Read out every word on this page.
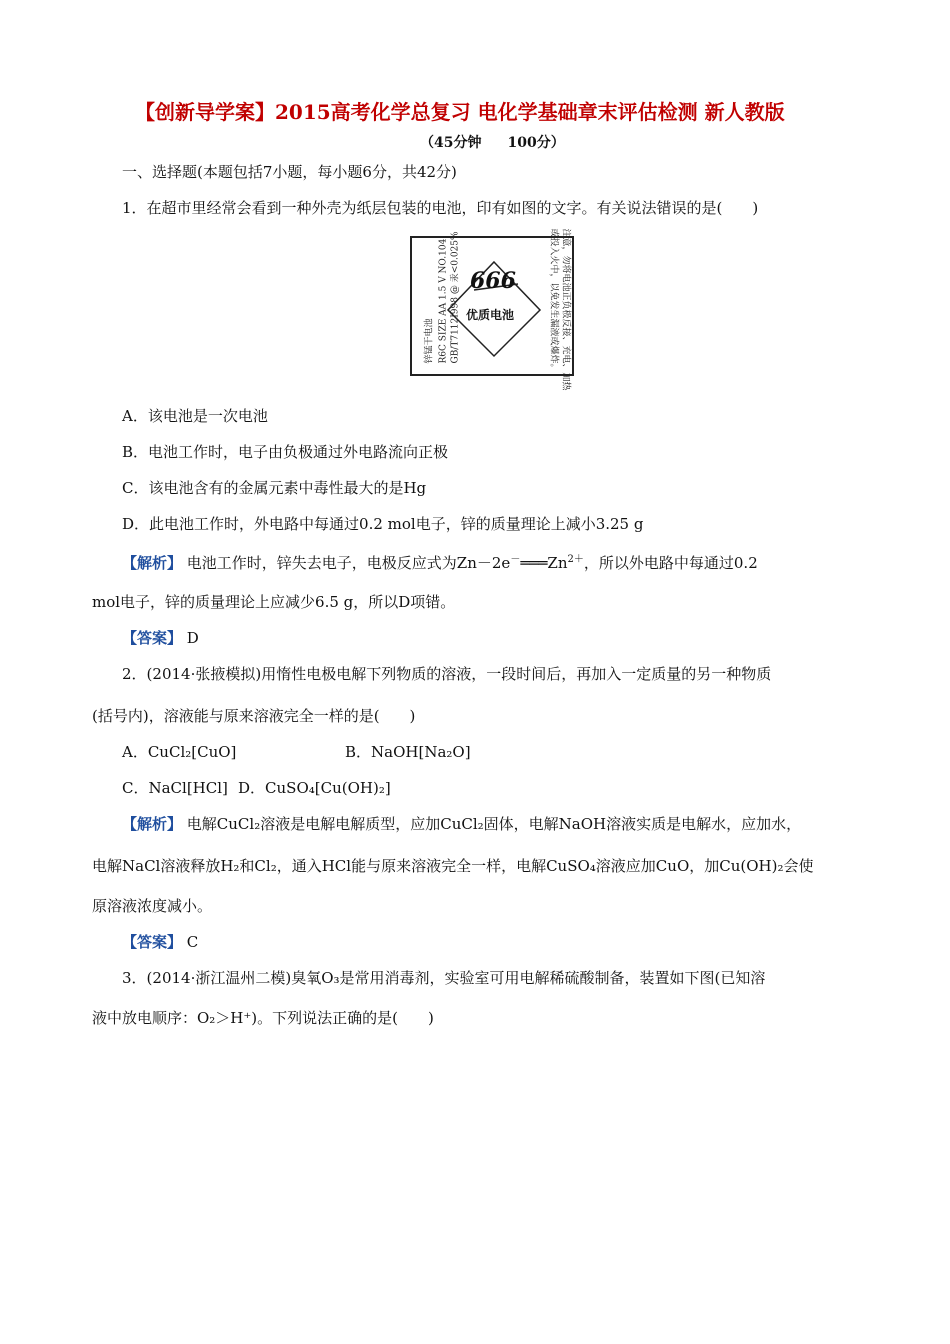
【创新导学案】2015高考化学总复习 电化学基础章末评估检测 新人教版
（45分钟 100分）
一、选择题(本题包括7小题，每小题6分，共42分)
1．在超市里经常会看到一种外壳为纸层包装的电池，印有如图的文字。有关说法错误的是(　　)
锌锰干电池 R6C SIZE AA 1.5 V NO.104 GB/T7112I998 @ 汞<0.025% 666
优质电池	注意，勿将电池正负极反接、充电、加热
或投入火中，以免发生漏液或爆炸。
A．该电池是一次电池
B．电池工作时，电子由负极通过外电路流向正极
C．该电池含有的金属元素中毒性最大的是Hg
D．此电池工作时，外电路中每通过0.2 mol电子，锌的质量理论上减小3.25 g
【解析】 电池工作时，锌失去电子，电极反应式为$Zn-2e^-═══Zn^{2+}$，所以外电路中每通过0.2
mol电子，锌的质量理论上应减少6.5 g，所以D项错。
【答案】 D
2．(2014·张掖模拟)用惰性电极电解下列物质的溶液，一段时间后，再加入一定质量的另一种物质
(括号内)，溶液能与原来溶液完全一样的是(　　)
A．CuCl₂[CuO]	B．NaOH[Na₂O]
C．NaCl[HCl] D．CuSO₄[Cu(OH)₂]
【解析】 电解CuCl₂溶液是电解电解质型，应加CuCl₂固体，电解NaOH溶液实质是电解水，应加水，
电解NaCl溶液释放H₂和Cl₂，通入HCl能与原来溶液完全一样，电解CuSO₄溶液应加CuO，加Cu(OH)₂会使
原溶液浓度减小。
【答案】 C
3．(2014·浙江温州二模)臭氧O₃是常用消毒剂，实验室可用电解稀硫酸制备，装置如下图(已知溶
液中放电顺序：O₂＞H⁺)。下列说法正确的是(　　)
